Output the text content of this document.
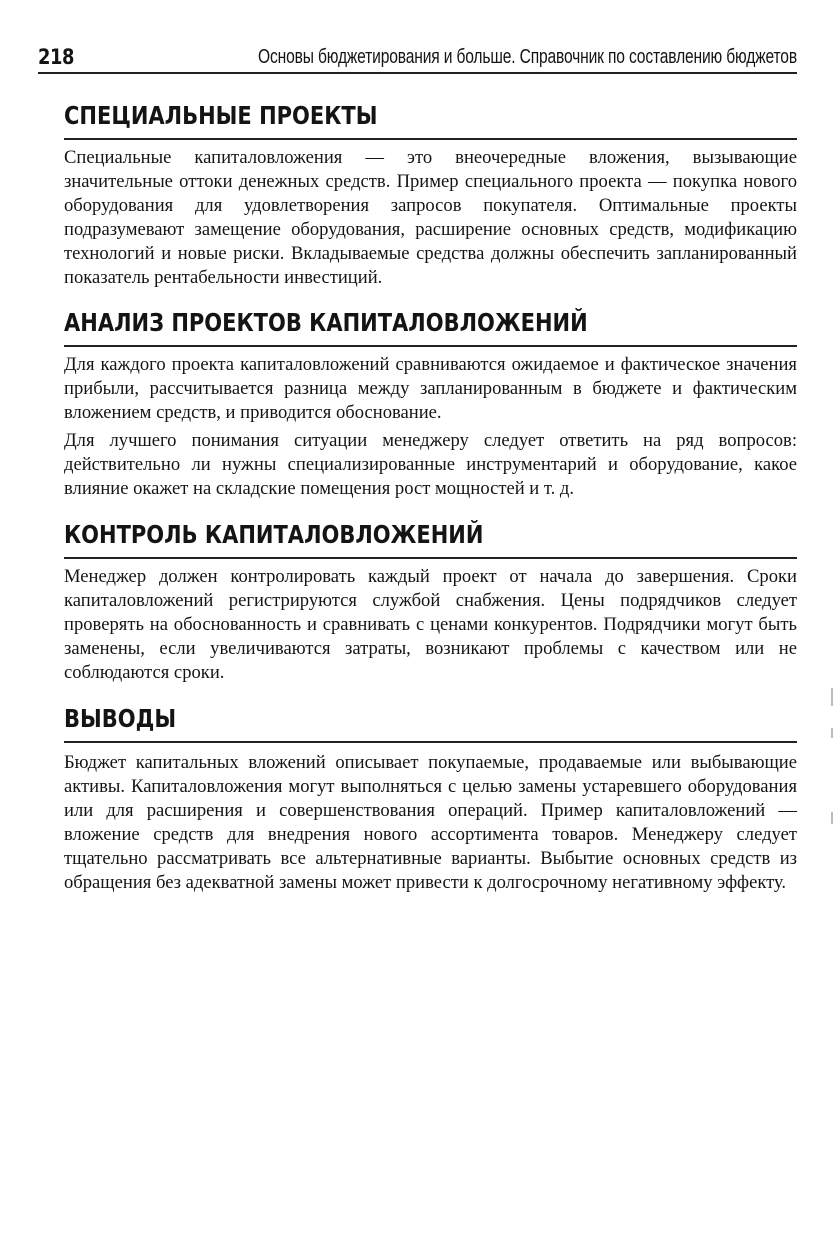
218	Основы бюджетирования и больше. Справочник по составлению бюджетов
СПЕЦИАЛЬНЫЕ ПРОЕКТЫ

Специальные капиталовложения — это внеочередные вложения, вызывающие значительные оттоки денежных средств. Пример специального проекта — покупка нового оборудования для удовлетворения запросов покупателя. Оптимальные проекты подразумевают замещение оборудования, расширение основных средств, модификацию технологий и новые риски. Вкладываемые средства должны обеспечить запланированный показатель рентабельности инвестиций.

АНАЛИЗ ПРОЕКТОВ КАПИТАЛОВЛОЖЕНИЙ

Для каждого проекта капиталовложений сравниваются ожидаемое и фактическое значения прибыли, рассчитывается разница между запланированным в бюджете и фактическим вложением средств, и приводится обоснование.

Для лучшего понимания ситуации менеджеру следует ответить на ряд вопросов: действительно ли нужны специализированные инструментарий и оборудование, какое влияние окажет на складские помещения рост мощностей и т. д.

КОНТРОЛЬ КАПИТАЛОВЛОЖЕНИЙ

Менеджер должен контролировать каждый проект от начала до завершения. Сроки капиталовложений регистрируются службой снабжения. Цены подрядчиков следует проверять на обоснованность и сравнивать с ценами конкурентов. Подрядчики могут быть заменены, если увеличиваются затраты, возникают проблемы с качеством или не соблюдаются сроки.

ВЫВОДЫ

Бюджет капитальных вложений описывает покупаемые, продаваемые или выбывающие активы. Капиталовложения могут выполняться с целью замены устаревшего оборудования или для расширения и совершенствования операций. Пример капиталовложений — вложение средств для внедрения нового ассортимента товаров. Менеджеру следует тщательно рассматривать все альтернативные варианты. Выбытие основных средств из обращения без адекватной замены может привести к долгосрочному негативному эффекту.
